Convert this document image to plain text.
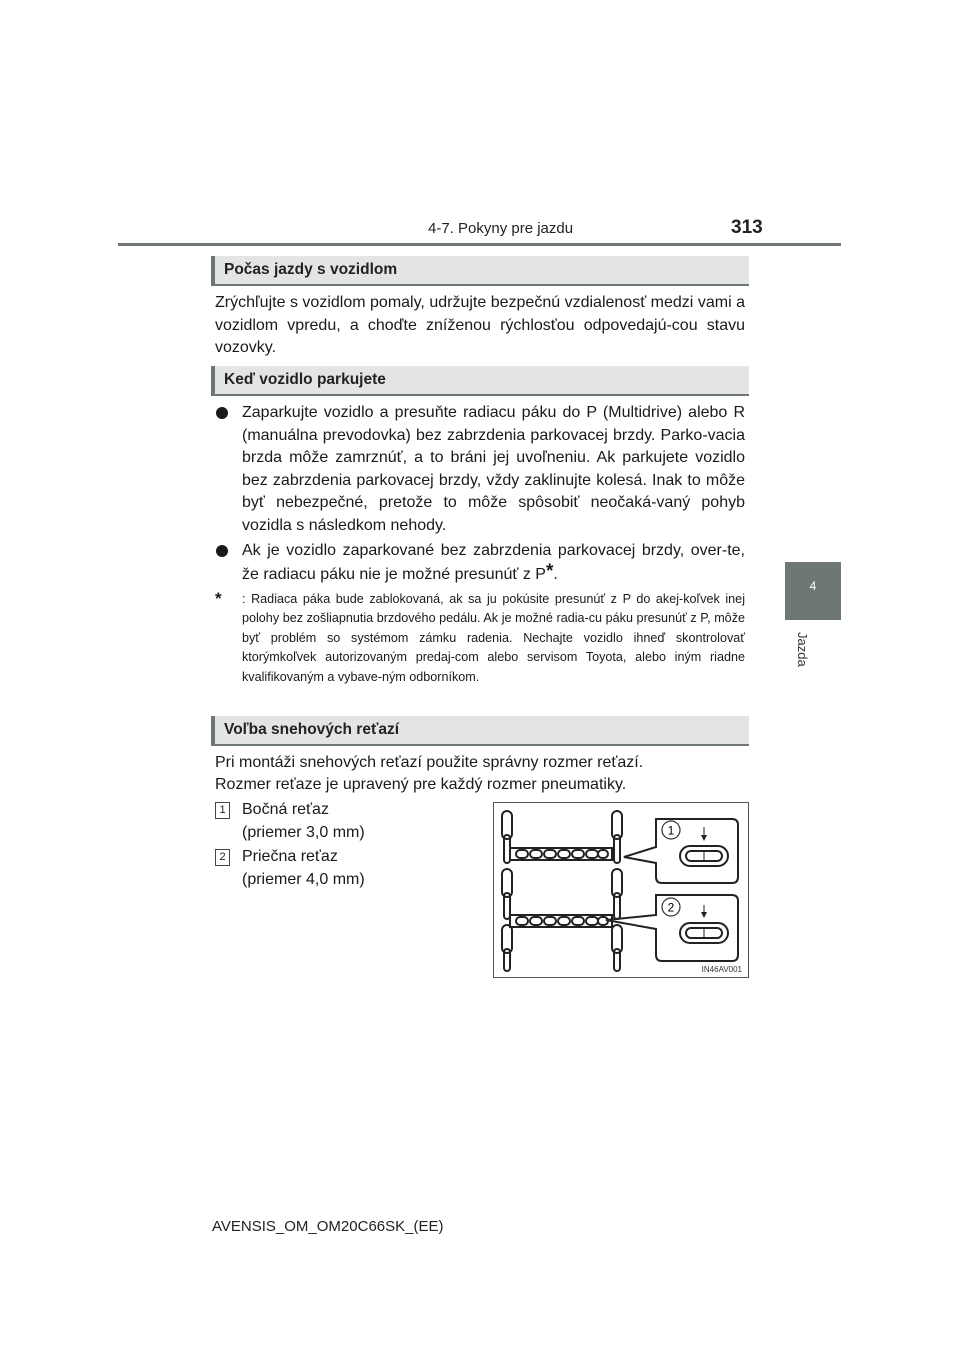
4-7. Pokyny pre jazdu	313
4
Jazda
Počas jazdy s vozidlom
Zrýchľujte s vozidlom pomaly, udržujte bezpečnú vzdialenosť medzi vami a vozidlom vpredu, a choďte zníženou rýchlosťou odpovedajú-cou stavu vozovky.
Keď vozidlo parkujete
Zaparkujte vozidlo a presuňte radiacu páku do P (Multidrive) alebo R (manuálna prevodovka) bez zabrzdenia parkovacej brzdy. Parko-vacia brzda môže zamrznúť, a to bráni jej uvoľneniu. Ak parkujete vozidlo bez zabrzdenia parkovacej brzdy, vždy zaklinujte kolesá. Inak to môže byť nebezpečné, pretože to môže spôsobiť neočaká-vaný pohyb vozidla s následkom nehody.
Ak je vozidlo zaparkované bez zabrzdenia parkovacej brzdy, over-te, že radiacu páku nie je možné presunúť z P*.
* : Radiaca páka bude zablokovaná, ak sa ju pokúsite presunúť z P do akej-koľvek inej polohy bez zošliapnutia brzdového pedálu. Ak je možné radia-cu páku presunúť z P, môže byť problém so systémom zámku radenia. Nechajte vozidlo ihneď skontrolovať ktorýmkoľvek autorizovaným predaj-com alebo servisom Toyota, alebo iným riadne kvalifikovaným a vybave-ným odborníkom.
Voľba snehových reťazí
Pri montáži snehových reťazí použite správny rozmer reťazí.
Rozmer reťaze je upravený pre každý rozmer pneumatiky.
1 Bočná reťaz
(priemer 3,0 mm)
2 Priečna reťaz
(priemer 4,0 mm)
1
2
IN46AV001
AVENSIS_OM_OM20C66SK_(EE)
